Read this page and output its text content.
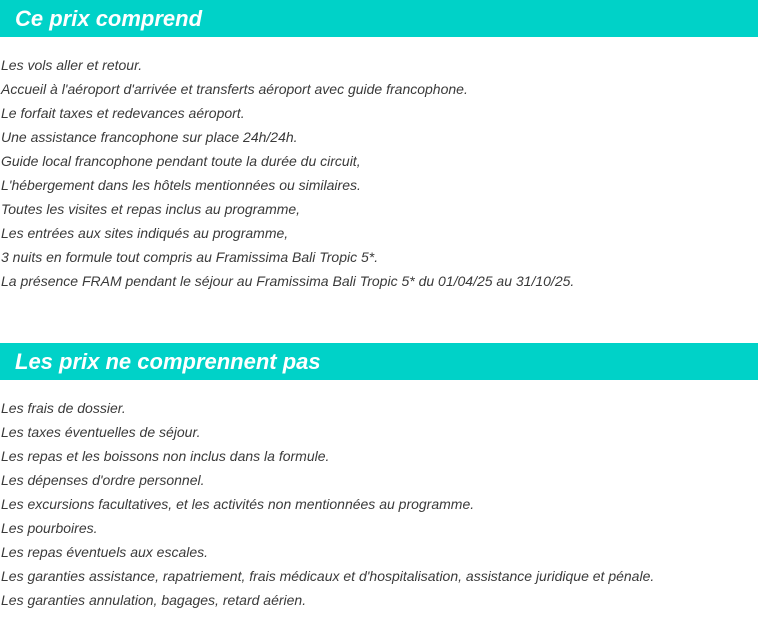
Ce prix comprend
Les vols aller et retour.
Accueil à l'aéroport d'arrivée et transferts aéroport avec guide francophone.
Le forfait taxes et redevances aéroport.
Une assistance francophone sur place 24h/24h.
Guide local francophone pendant toute la durée du circuit,
L'hébergement dans les hôtels mentionnées ou similaires.
Toutes les visites et repas inclus au programme,
Les entrées aux sites indiqués au programme,
3 nuits en formule tout compris au Framissima Bali Tropic 5*.
La présence FRAM pendant le séjour au Framissima Bali Tropic 5* du 01/04/25 au 31/10/25.
Les prix ne comprennent pas
Les frais de dossier.
Les taxes éventuelles de séjour.
Les repas et les boissons non inclus dans la formule.
Les dépenses d'ordre personnel.
Les excursions facultatives, et les activités non mentionnées au programme.
Les pourboires.
Les repas éventuels aux escales.
Les garanties assistance, rapatriement, frais médicaux et d'hospitalisation, assistance juridique et pénale.
Les garanties annulation, bagages, retard aérien.
